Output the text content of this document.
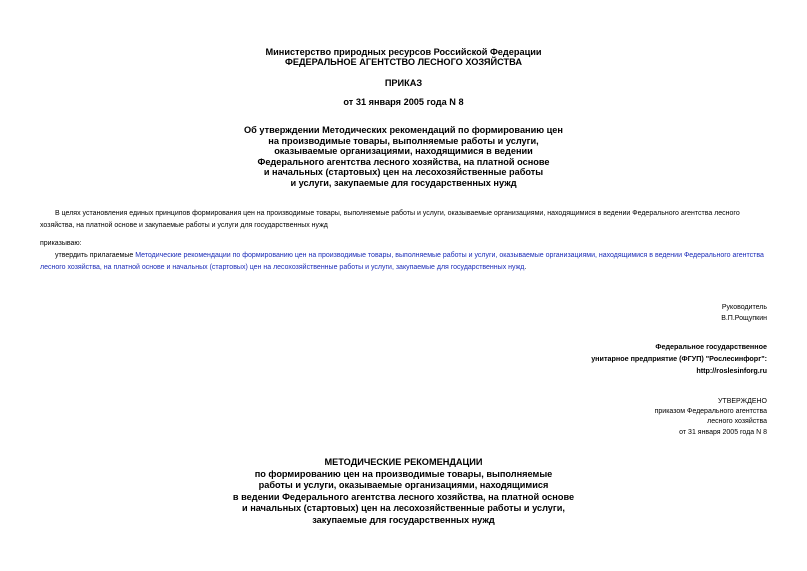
Министерство природных ресурсов Российской Федерации
ФЕДЕРАЛЬНОЕ АГЕНТСТВО ЛЕСНОГО ХОЗЯЙСТВА
ПРИКАЗ
от 31 января 2005 года N 8
Об утверждении Методических рекомендаций по формированию цен
на производимые товары, выполняемые работы и услуги,
оказываемые организациями, находящимися в ведении
Федерального агентства лесного хозяйства, на платной основе
и начальных (стартовых) цен на лесохозяйственные работы
и услуги, закупаемые для государственных нужд
В целях установления единых принципов формирования цен на производимые товары, выполняемые работы и услуги, оказываемые организациями, находящимися в ведении Федерального агентства лесного хозяйства, на платной основе и закупаемые работы и услуги для государственных нужд
приказываю:
утвердить прилагаемые Методические рекомендации по формированию цен на производимые товары, выполняемые работы и услуги, оказываемые организациями, находящимися в ведении Федерального агентства лесного хозяйства, на платной основе и начальных (стартовых) цен на лесохозяйственные работы и услуги, закупаемые для государственных нужд.
Руководитель
В.П.Рощупкин
Федеральное государственное
унитарное предприятие (ФГУП) "Рослесинфорг":
http://roslesinforg.ru
УТВЕРЖДЕНО
приказом Федерального агентства
лесного хозяйства
от 31 января 2005 года N 8
МЕТОДИЧЕСКИЕ РЕКОМЕНДАЦИИ
по формированию цен на производимые товары, выполняемые
работы и услуги, оказываемые организациями, находящимися
в ведении Федерального агентства лесного хозяйства, на платной основе
и начальных (стартовых) цен на лесохозяйственные работы и услуги,
закупаемые для государственных нужд
